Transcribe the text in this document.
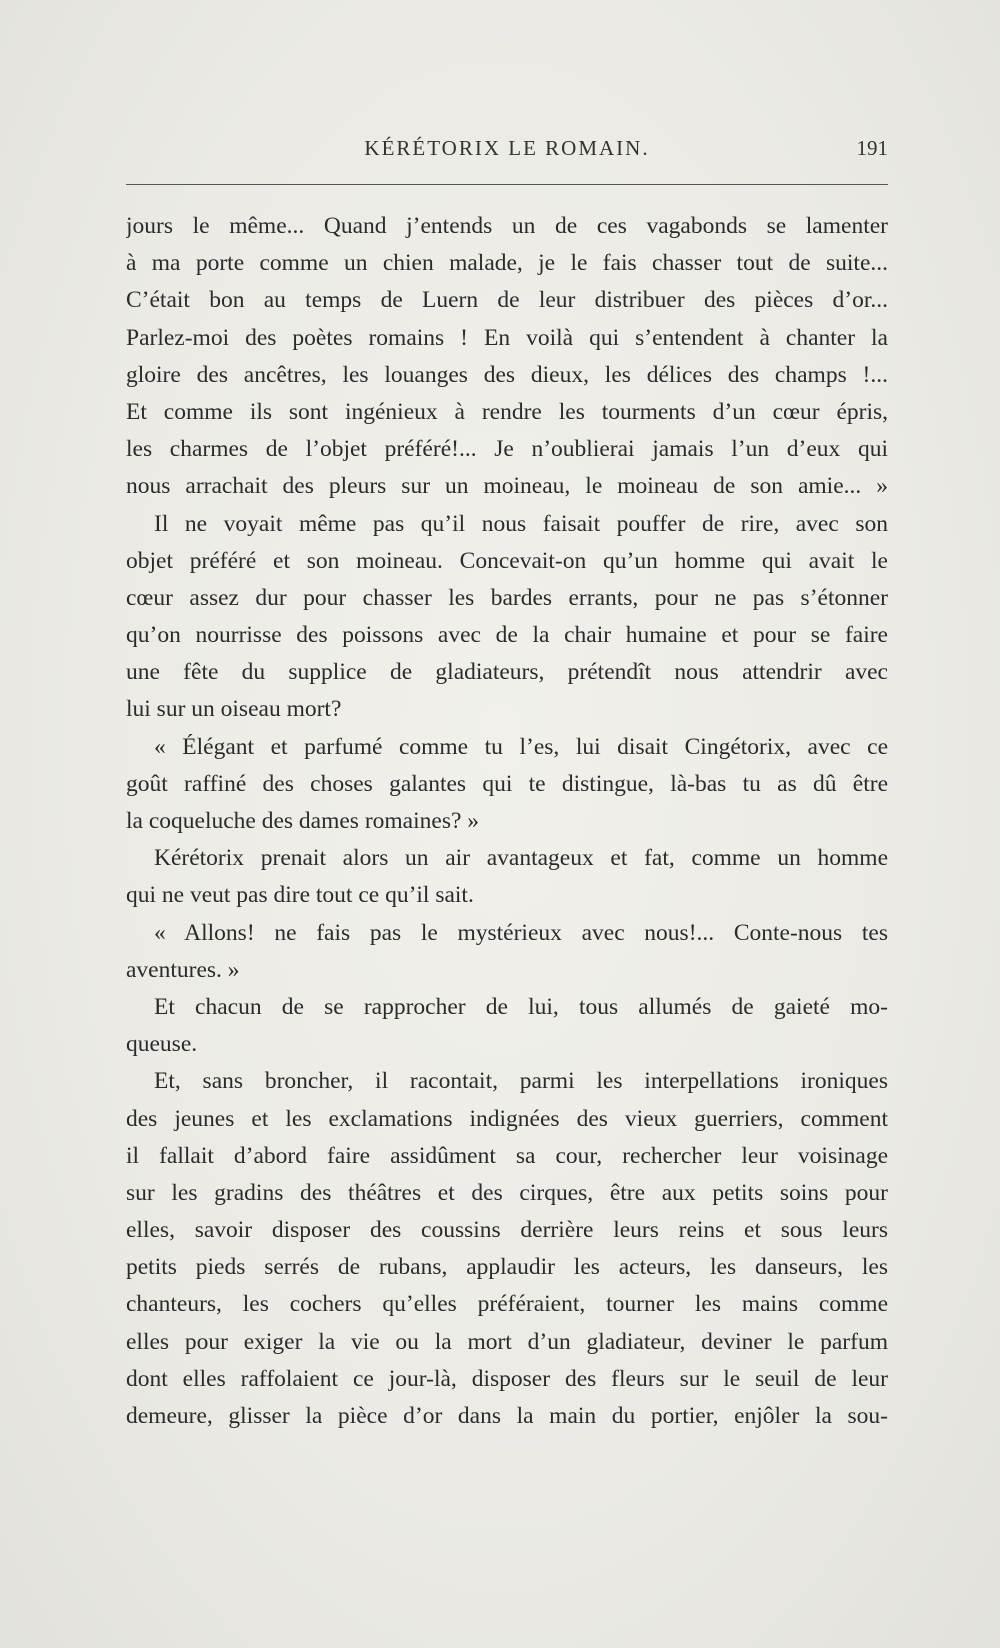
KÉRÉTORIX LE ROMAIN.	191
jours le même... Quand j’entends un de ces vagabonds se lamenter
à ma porte comme un chien malade, je le fais chasser tout de suite...
C’était bon au temps de Luern de leur distribuer des pièces d’or...
Parlez-moi des poètes romains ! En voilà qui s’entendent à chanter la
gloire des ancêtres, les louanges des dieux, les délices des champs !...
Et comme ils sont ingénieux à rendre les tourments d’un cœur épris,
les charmes de l’objet préféré!... Je n’oublierai jamais l’un d’eux qui
nous arrachait des pleurs sur un moineau, le moineau de son amie... »
Il ne voyait même pas qu’il nous faisait pouffer de rire, avec son
objet préféré et son moineau. Concevait-on qu’un homme qui avait le
cœur assez dur pour chasser les bardes errants, pour ne pas s’étonner
qu’on nourrisse des poissons avec de la chair humaine et pour se faire
une fête du supplice de gladiateurs, prétendît nous attendrir avec
lui sur un oiseau mort?
« Élégant et parfumé comme tu l’es, lui disait Cingétorix, avec ce
goût raffiné des choses galantes qui te distingue, là-bas tu as dû être
la coqueluche des dames romaines? »
Kérétorix prenait alors un air avantageux et fat, comme un homme
qui ne veut pas dire tout ce qu’il sait.
« Allons! ne fais pas le mystérieux avec nous!... Conte-nous tes
aventures. »
Et chacun de se rapprocher de lui, tous allumés de gaieté mo-
queuse.
Et, sans broncher, il racontait, parmi les interpellations ironiques
des jeunes et les exclamations indignées des vieux guerriers, comment
il fallait d’abord faire assidûment sa cour, rechercher leur voisinage
sur les gradins des théâtres et des cirques, être aux petits soins pour
elles, savoir disposer des coussins derrière leurs reins et sous leurs
petits pieds serrés de rubans, applaudir les acteurs, les danseurs, les
chanteurs, les cochers qu’elles préféraient, tourner les mains comme
elles pour exiger la vie ou la mort d’un gladiateur, deviner le parfum
dont elles raffolaient ce jour-là, disposer des fleurs sur le seuil de leur
demeure, glisser la pièce d’or dans la main du portier, enjôler la sou-
